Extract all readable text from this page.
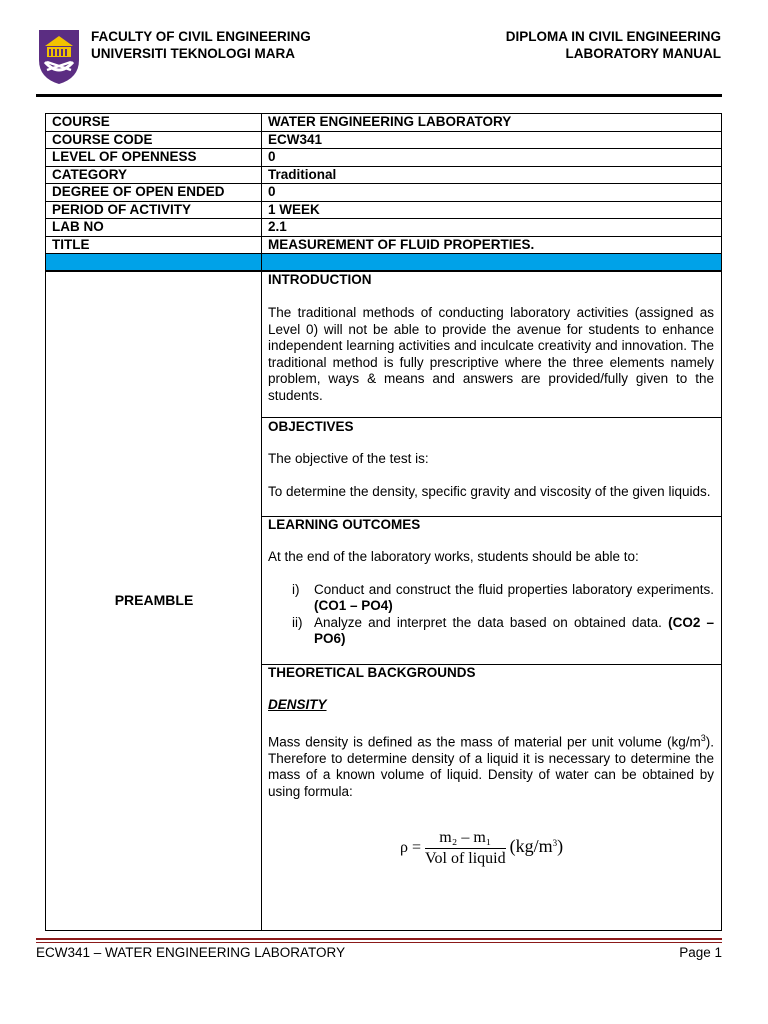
FACULTY OF CIVIL ENGINEERING
UNIVERSITI TEKNOLOGI MARA
DIPLOMA IN CIVIL ENGINEERING
LABORATORY MANUAL
COURSE	WATER ENGINEERING LABORATORY
COURSE CODE	ECW341
LEVEL OF OPENNESS	0
CATEGORY	Traditional
DEGREE OF OPEN ENDED	0
PERIOD OF ACTIVITY	1 WEEK
LAB NO	2.1
TITLE	MEASUREMENT OF FLUID PROPERTIES.

PREAMBLE
INTRODUCTION

The traditional methods of conducting laboratory activities (assigned as Level 0) will not be able to provide the avenue for students to enhance independent learning activities and inculcate creativity and innovation. The traditional method is fully prescriptive where the three elements namely problem, ways & means and answers are provided/fully given to the students.

OBJECTIVES

The objective of the test is:

To determine the density, specific gravity and viscosity of the given liquids.

LEARNING OUTCOMES

At the end of the laboratory works, students should be able to:

i) Conduct and construct the fluid properties laboratory experiments. (CO1 – PO4)
ii) Analyze and interpret the data based on obtained data. (CO2 – PO6)
THEORETICAL BACKGROUNDS
DENSITY

Mass density is defined as the mass of material per unit volume $(kg/m^3)$. Therefore to determine density of a liquid it is necessary to determine the mass of a known volume of liquid. Density of water can be obtained by using formula:

$\rho = \frac{\text{m₂ – m₁}}{\text{Vol of liquid}} (kg/m^3)$
ECW341 – WATER ENGINEERING LABORATORY	Page 1
